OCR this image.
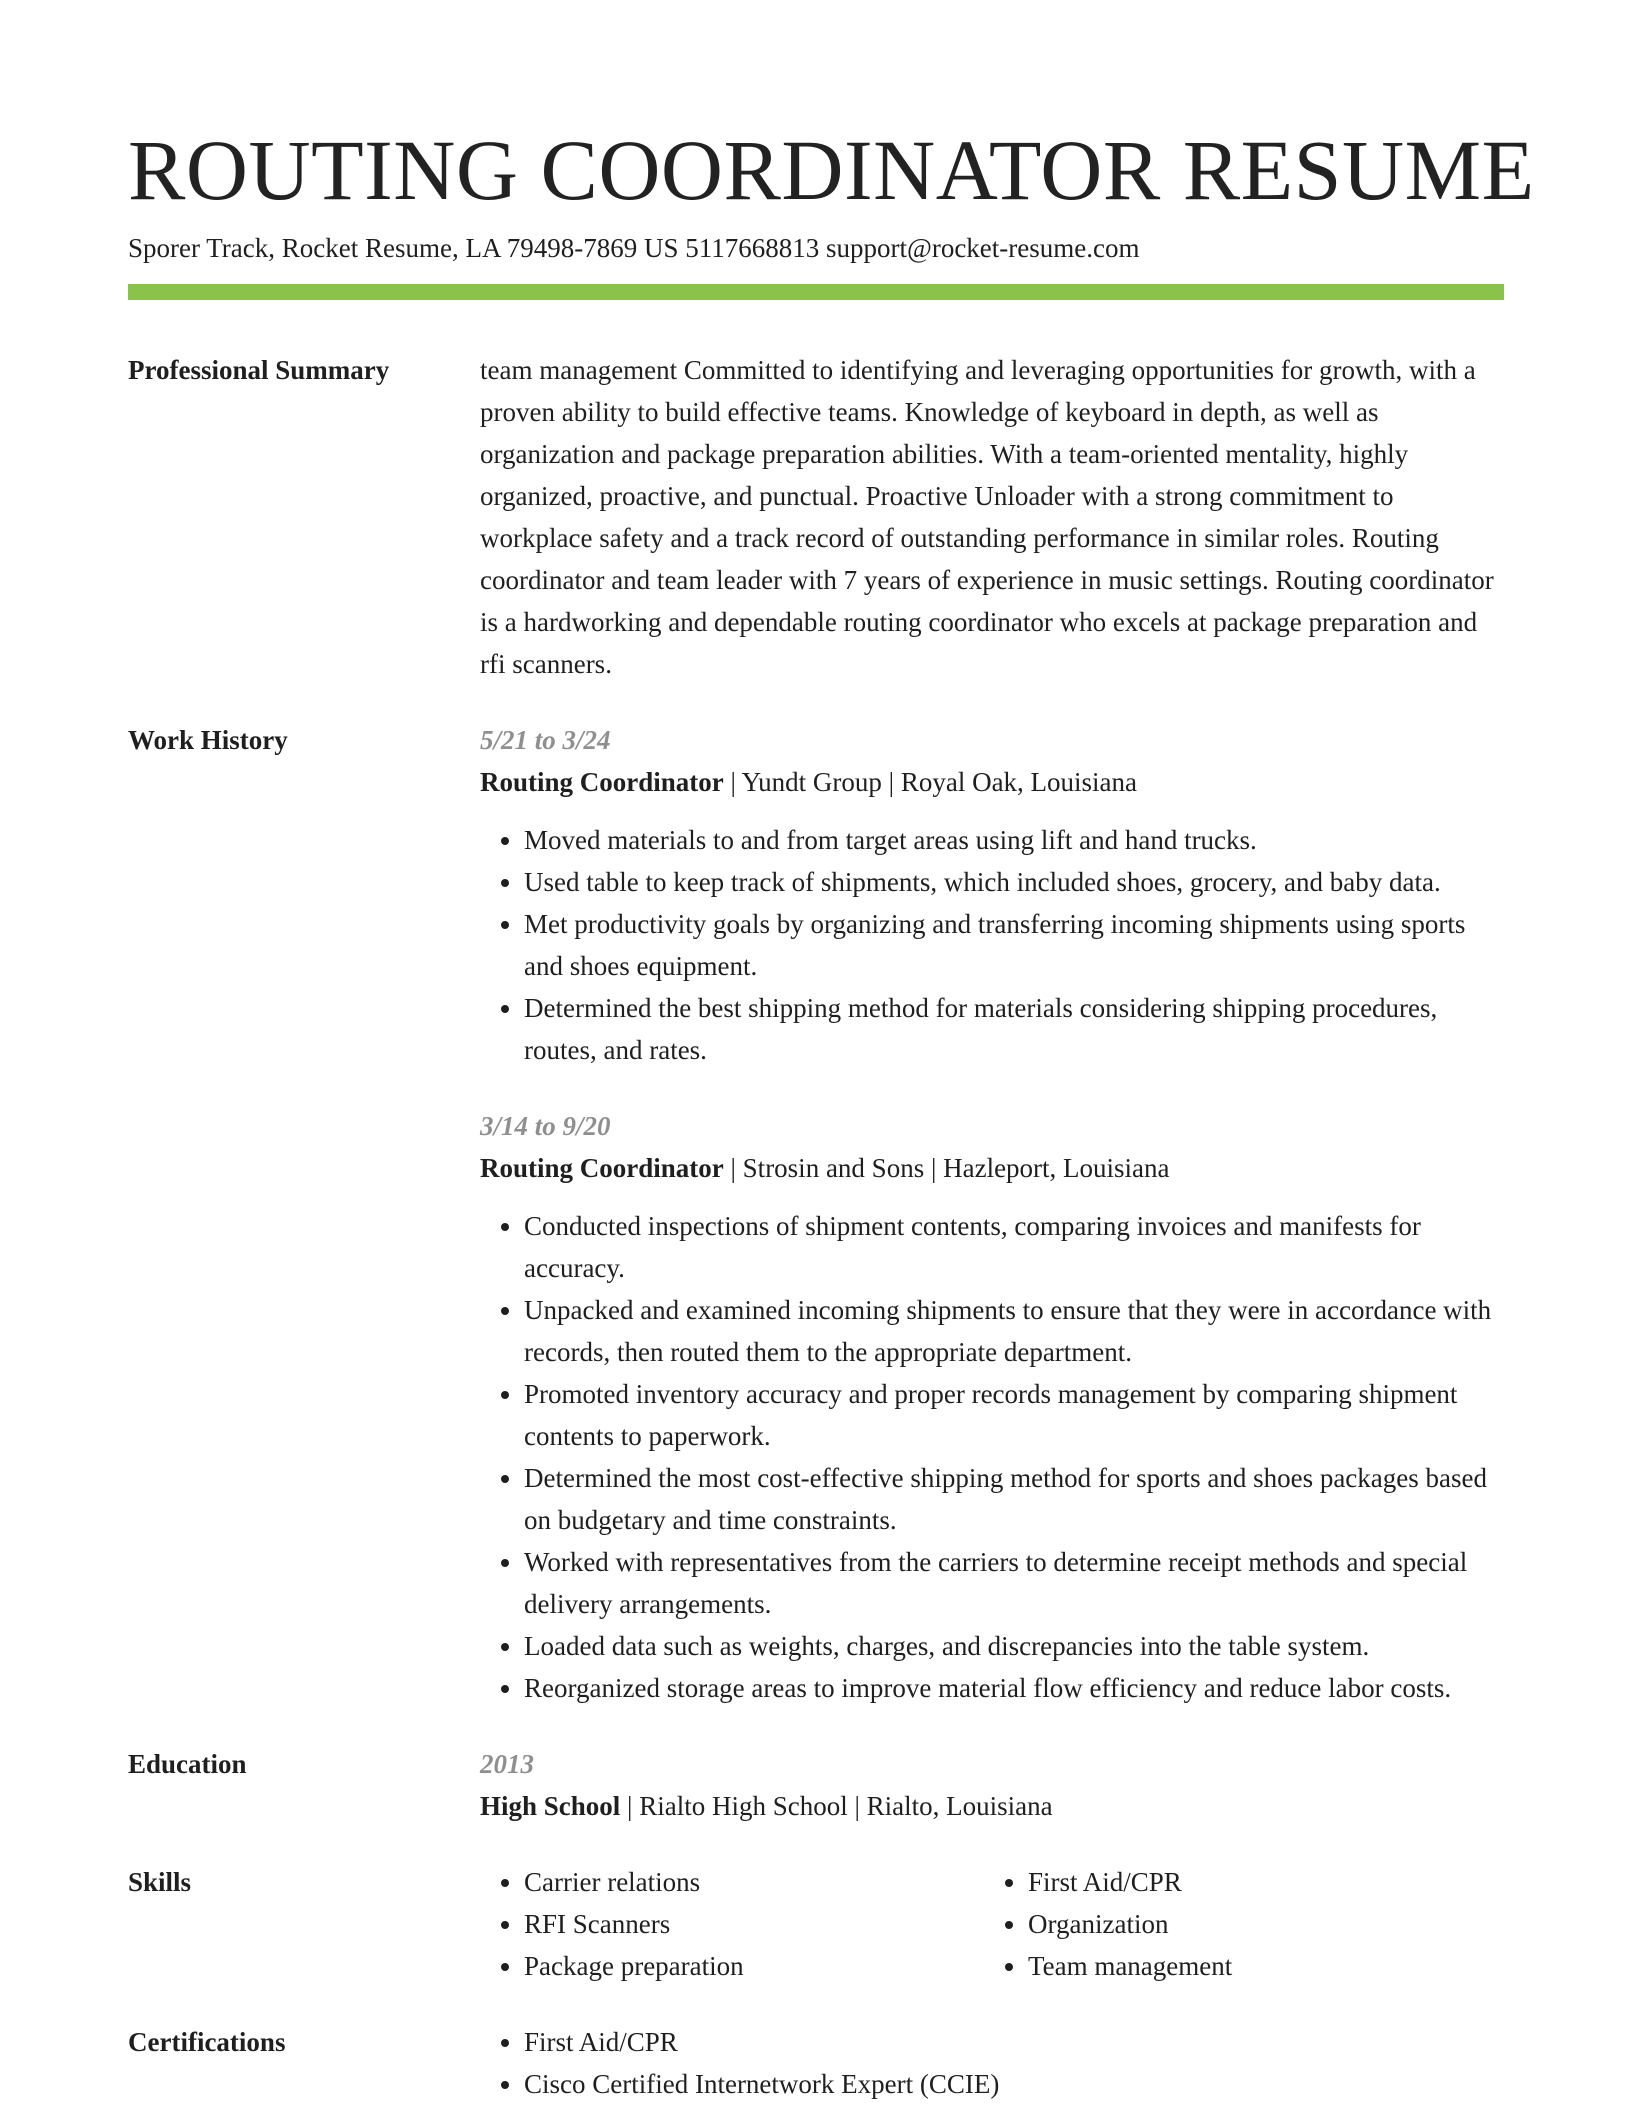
ROUTING COORDINATOR RESUME
Sporer Track, Rocket Resume, LA 79498-7869 US 5117668813 support@rocket-resume.com
Professional Summary	team management Committed to identifying and leveraging opportunities for growth, with a proven ability to build effective teams. Knowledge of keyboard in depth, as well as organization and package preparation abilities. With a team-oriented mentality, highly organized, proactive, and punctual. Proactive Unloader with a strong commitment to workplace safety and a track record of outstanding performance in similar roles. Routing coordinator and team leader with 7 years of experience in music settings. Routing coordinator is a hardworking and dependable routing coordinator who excels at package preparation and rfi scanners.
Work History	5/21 to 3/24
Routing Coordinator | Yundt Group | Royal Oak, Louisiana
• Moved materials to and from target areas using lift and hand trucks.
• Used table to keep track of shipments, which included shoes, grocery, and baby data.
• Met productivity goals by organizing and transferring incoming shipments using sports and shoes equipment.
• Determined the best shipping method for materials considering shipping procedures, routes, and rates.
3/14 to 9/20
Routing Coordinator | Strosin and Sons | Hazleport, Louisiana
• Conducted inspections of shipment contents, comparing invoices and manifests for accuracy.
• Unpacked and examined incoming shipments to ensure that they were in accordance with records, then routed them to the appropriate department.
• Promoted inventory accuracy and proper records management by comparing shipment contents to paperwork.
• Determined the most cost-effective shipping method for sports and shoes packages based on budgetary and time constraints.
• Worked with representatives from the carriers to determine receipt methods and special delivery arrangements.
• Loaded data such as weights, charges, and discrepancies into the table system.
• Reorganized storage areas to improve material flow efficiency and reduce labor costs.
Education	2013
High School | Rialto High School | Rialto, Louisiana
Skills	• Carrier relations
• RFI Scanners
• Package preparation
• First Aid/CPR
• Organization
• Team management
Certifications	• First Aid/CPR
• Cisco Certified Internetwork Expert (CCIE)
